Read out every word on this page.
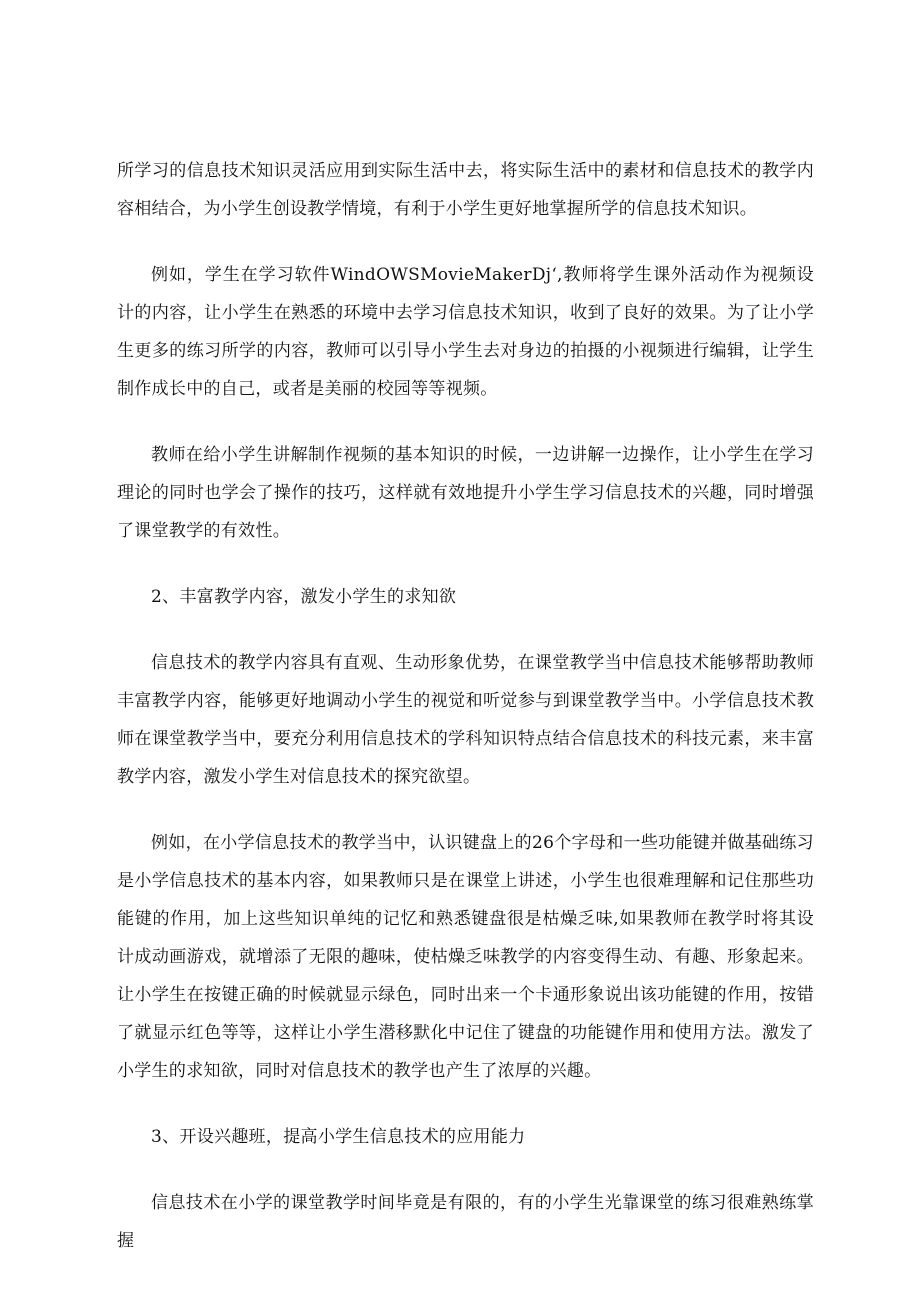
所学习的信息技术知识灵活应用到实际生活中去，将实际生活中的素材和信息技术的教学内容相结合，为小学生创设教学情境，有利于小学生更好地掌握所学的信息技术知识。

例如，学生在学习软件WindOWSMovieMakerDj‘,教师将学生课外活动作为视频设计的内容，让小学生在熟悉的环境中去学习信息技术知识，收到了良好的效果。为了让小学生更多的练习所学的内容，教师可以引导小学生去对身边的拍摄的小视频进行编辑，让学生制作成长中的自己，或者是美丽的校园等等视频。

教师在给小学生讲解制作视频的基本知识的时候，一边讲解一边操作，让小学生在学习理论的同时也学会了操作的技巧，这样就有效地提升小学生学习信息技术的兴趣，同时增强了课堂教学的有效性。

2、丰富教学内容，激发小学生的求知欲

信息技术的教学内容具有直观、生动形象优势，在课堂教学当中信息技术能够帮助教师丰富教学内容，能够更好地调动小学生的视觉和听觉参与到课堂教学当中。小学信息技术教师在课堂教学当中，要充分利用信息技术的学科知识特点结合信息技术的科技元素，来丰富教学内容，激发小学生对信息技术的探究欲望。

例如，在小学信息技术的教学当中，认识键盘上的26个字母和一些功能键并做基础练习是小学信息技术的基本内容，如果教师只是在课堂上讲述，小学生也很难理解和记住那些功能键的作用，加上这些知识单纯的记忆和熟悉键盘很是枯燥乏味,如果教师在教学时将其设计成动画游戏，就增添了无限的趣味，使枯燥乏味教学的内容变得生动、有趣、形象起来。让小学生在按键正确的时候就显示绿色，同时出来一个卡通形象说出该功能键的作用，按错了就显示红色等等，这样让小学生潜移默化中记住了键盘的功能键作用和使用方法。激发了小学生的求知欲，同时对信息技术的教学也产生了浓厚的兴趣。

3、开设兴趣班，提高小学生信息技术的应用能力

信息技术在小学的课堂教学时间毕竟是有限的，有的小学生光靠课堂的练习很难熟练掌握
